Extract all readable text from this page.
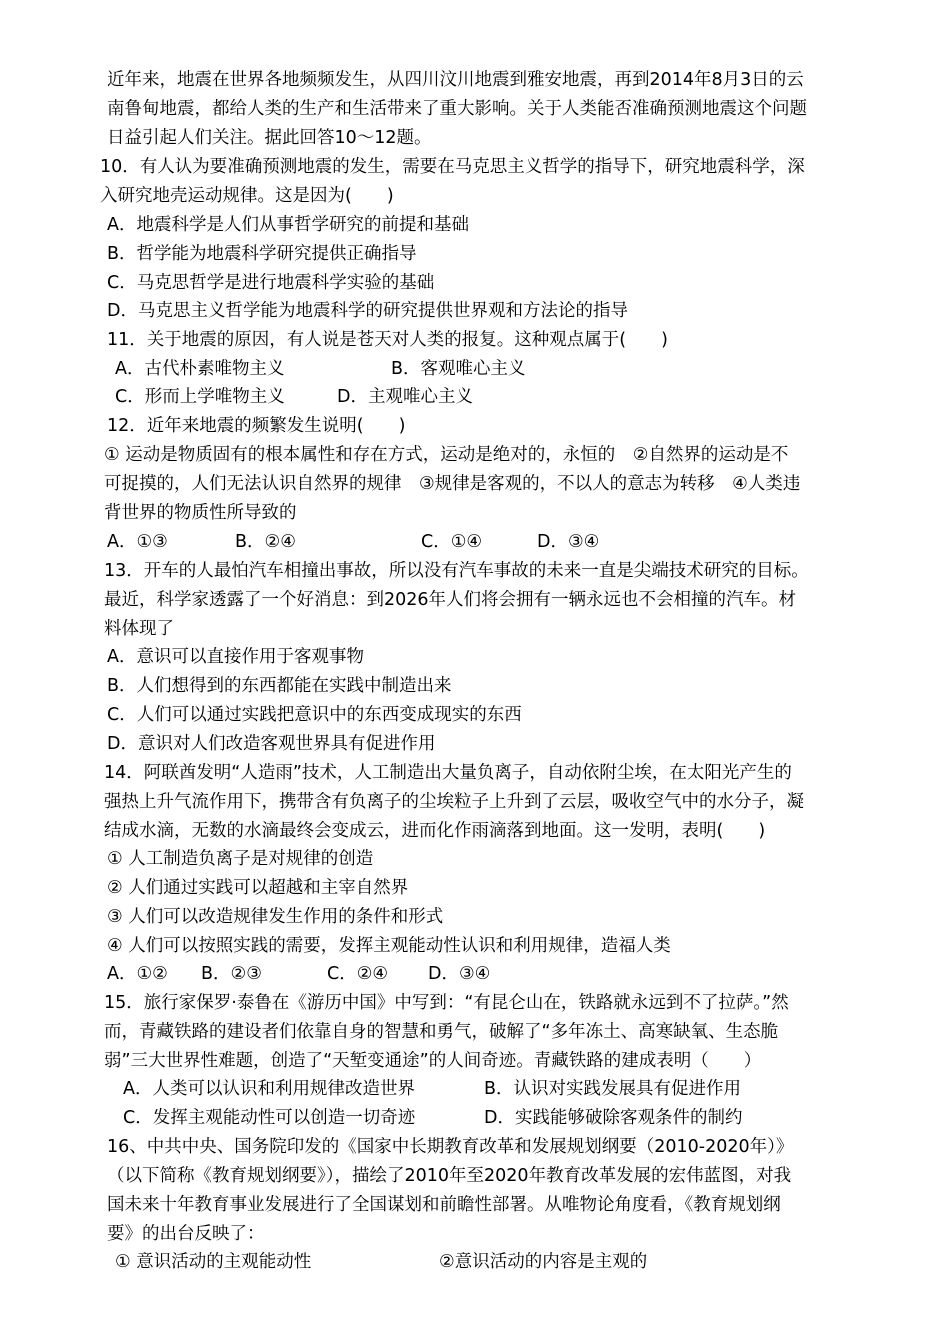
近年来，地震在世界各地频频发生，从四川汶川地震到雅安地震，再到2014年8月3日的云
南鲁甸地震，都给人类的生产和生活带来了重大影响。关于人类能否准确预测地震这个问题
日益引起人们关注。据此回答10～12题。
10．有人认为要准确预测地震的发生，需要在马克思主义哲学的指导下，研究地震科学，深
入研究地壳运动规律。这是因为(　　)
A．地震科学是人们从事哲学研究的前提和基础
B．哲学能为地震科学研究提供正确指导
C．马克思哲学是进行地震科学实验的基础
D．马克思主义哲学能为地震科学的研究提供世界观和方法论的指导
11．关于地震的原因，有人说是苍天对人类的报复。这种观点属于(　　)
A．古代朴素唯物主义	B．客观唯心主义
C．形而上学唯物主义	D．主观唯心主义
12．近年来地震的频繁发生说明(　　)
① 运动是物质固有的根本属性和存在方式，运动是绝对的，永恒的　②自然界的运动是不
可捉摸的，人们无法认识自然界的规律　③规律是客观的，不以人的意志为转移　④人类违
背世界的物质性所导致的
A．①③	B．②④	C．①④	D．③④
13．开车的人最怕汽车相撞出事故，所以没有汽车事故的未来一直是尖端技术研究的目标。
最近，科学家透露了一个好消息：到2026年人们将会拥有一辆永远也不会相撞的汽车。材
料体现了
A．意识可以直接作用于客观事物
B．人们想得到的东西都能在实践中制造出来
C．人们可以通过实践把意识中的东西变成现实的东西
D．意识对人们改造客观世界具有促进作用
14．阿联酋发明“人造雨”技术，人工制造出大量负离子，自动依附尘埃，在太阳光产生的
强热上升气流作用下，携带含有负离子的尘埃粒子上升到了云层，吸收空气中的水分子，凝
结成水滴，无数的水滴最终会变成云，进而化作雨滴落到地面。这一发明，表明(　　)
① 人工制造负离子是对规律的创造
② 人们通过实践可以超越和主宰自然界
③ 人们可以改造规律发生作用的条件和形式
④ 人们可以按照实践的需要，发挥主观能动性认识和利用规律，造福人类
A．①② B．②③	C．②④ D．③④
15．旅行家保罗·泰鲁在《游历中国》中写到：“有昆仑山在，铁路就永远到不了拉萨。”然
而，青藏铁路的建设者们依靠自身的智慧和勇气，破解了“多年冻土、高寒缺氧、生态脆
弱”三大世界性难题，创造了“天堑变通途”的人间奇迹。青藏铁路的建成表明（　　）
A．人类可以认识和利用规律改造世界	B．认识对实践发展具有促进作用
C．发挥主观能动性可以创造一切奇迹	D．实践能够破除客观条件的制约
16、中共中央、国务院印发的《国家中长期教育改革和发展规划纲要（2010-2020年）》
（以下简称《教育规划纲要》），描绘了2010年至2020年教育改革发展的宏伟蓝图，对我
国未来十年教育事业发展进行了全国谋划和前瞻性部署。从唯物论角度看，《教育规划纲
要》的出台反映了：
① 意识活动的主观能动性	②意识活动的内容是主观的
